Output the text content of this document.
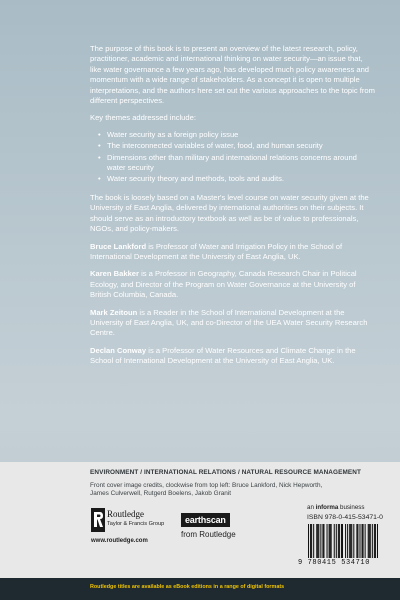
The purpose of this book is to present an overview of the latest research, policy, practitioner, academic and international thinking on water security—an issue that, like water governance a few years ago, has developed much policy awareness and momentum with a wide range of stakeholders. As a concept it is open to multiple interpretations, and the authors here set out the various approaches to the topic from different perspectives.

Key themes addressed include:

• Water security as a foreign policy issue
• The interconnected variables of water, food, and human security
• Dimensions other than military and international relations concerns around water security
• Water security theory and methods, tools and audits.

The book is loosely based on a Master's level course on water security given at the University of East Anglia, delivered by international authorities on their subjects. It should serve as an introductory textbook as well as be of value to professionals, NGOs, and policy-makers.

Bruce Lankford is Professor of Water and Irrigation Policy in the School of International Development at the University of East Anglia, UK.

Karen Bakker is a Professor in Geography, Canada Research Chair in Political Ecology, and Director of the Program on Water Governance at the University of British Columbia, Canada.

Mark Zeitoun is a Reader in the School of International Development at the University of East Anglia, UK, and co-Director of the UEA Water Security Research Centre.

Declan Conway is a Professor of Water Resources and Climate Change in the School of International Development at the University of East Anglia, UK.

ENVIRONMENT / INTERNATIONAL RELATIONS / NATURAL RESOURCE MANAGEMENT
Front cover image credits, clockwise from top left: Bruce Lankford, Nick Hepworth, James Culverwell, Rutgerd Boelens, Jakob Granit
Routledge
Taylor & Francis Group
www.routledge.com
earthscan
from Routledge
an informa business
ISBN 978-0-415-53471-0
9 780415 534710
Routledge titles are available as eBook editions in a range of digital formats
